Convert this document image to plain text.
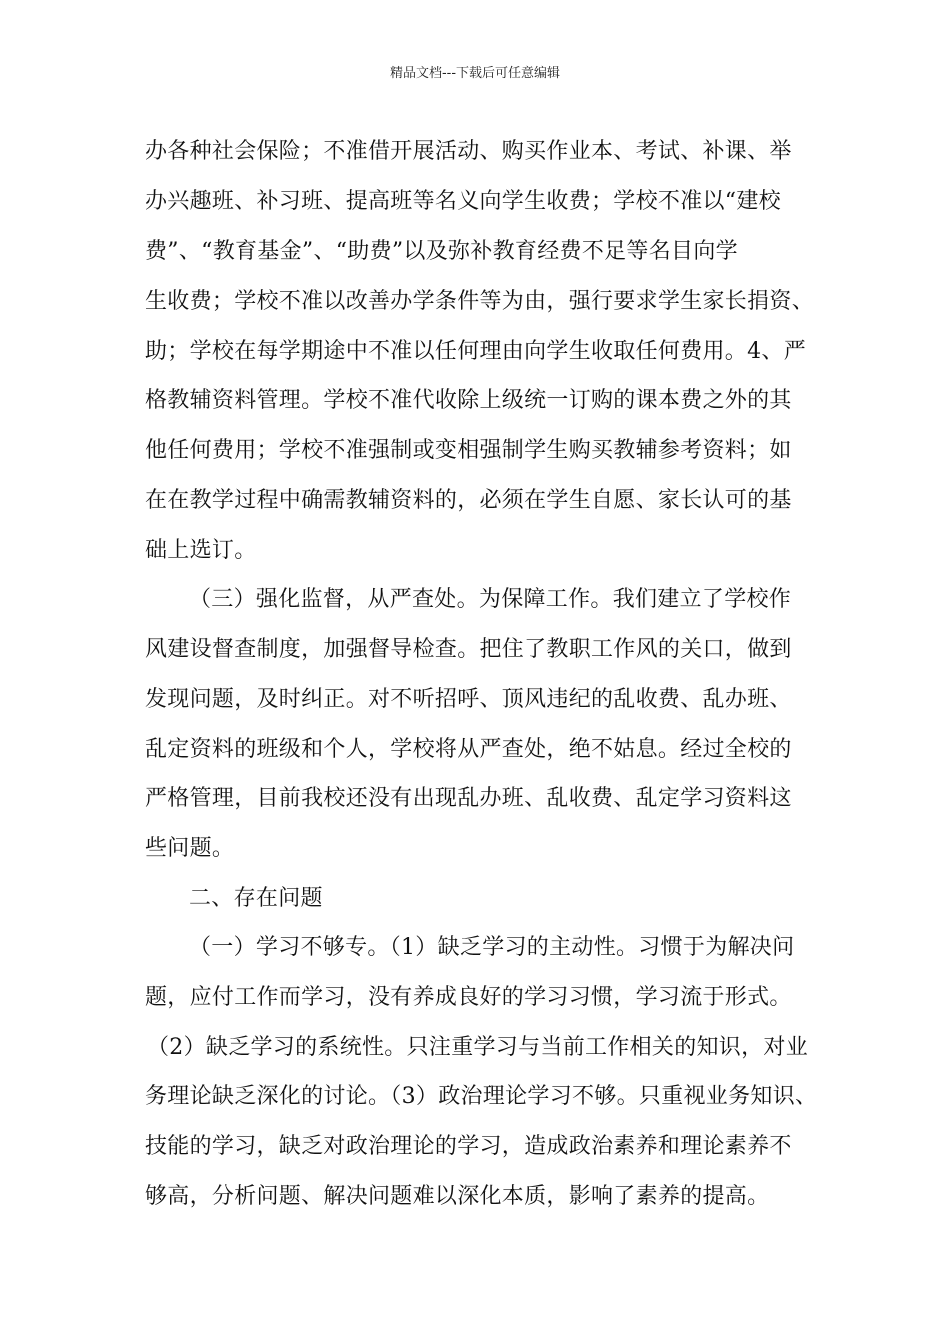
精品文档---下载后可任意编辑
办各种社会保险；不准借开展活动、购买作业本、考试、补课、举
办兴趣班、补习班、提高班等名义向学生收费；学校不准以“建校
费”、“教育基金”、“助费”以及弥补教育经费不足等名目向学
生收费；学校不准以改善办学条件等为由，强行要求学生家长捐资、
助；学校在每学期途中不准以任何理由向学生收取任何费用。4、严
格教辅资料管理。学校不准代收除上级统一订购的课本费之外的其
他任何费用；学校不准强制或变相强制学生购买教辅参考资料；如
在在教学过程中确需教辅资料的，必须在学生自愿、家长认可的基
础上选订。
（三）强化监督，从严查处。为保障工作。我们建立了学校作
风建设督查制度，加强督导检查。把住了教职工作风的关口，做到
发现问题，及时纠正。对不听招呼、顶风违纪的乱收费、乱办班、
乱定资料的班级和个人，学校将从严查处，绝不姑息。经过全校的
严格管理，目前我校还没有出现乱办班、乱收费、乱定学习资料这
些问题。
二、存在问题
（一）学习不够专。（1）缺乏学习的主动性。习惯于为解决问
题，应付工作而学习，没有养成良好的学习习惯，学习流于形式。
（2）缺乏学习的系统性。只注重学习与当前工作相关的知识，对业
务理论缺乏深化的讨论。（3）政治理论学习不够。只重视业务知识、
技能的学习，缺乏对政治理论的学习，造成政治素养和理论素养不
够高，分析问题、解决问题难以深化本质，影响了素养的提高。
